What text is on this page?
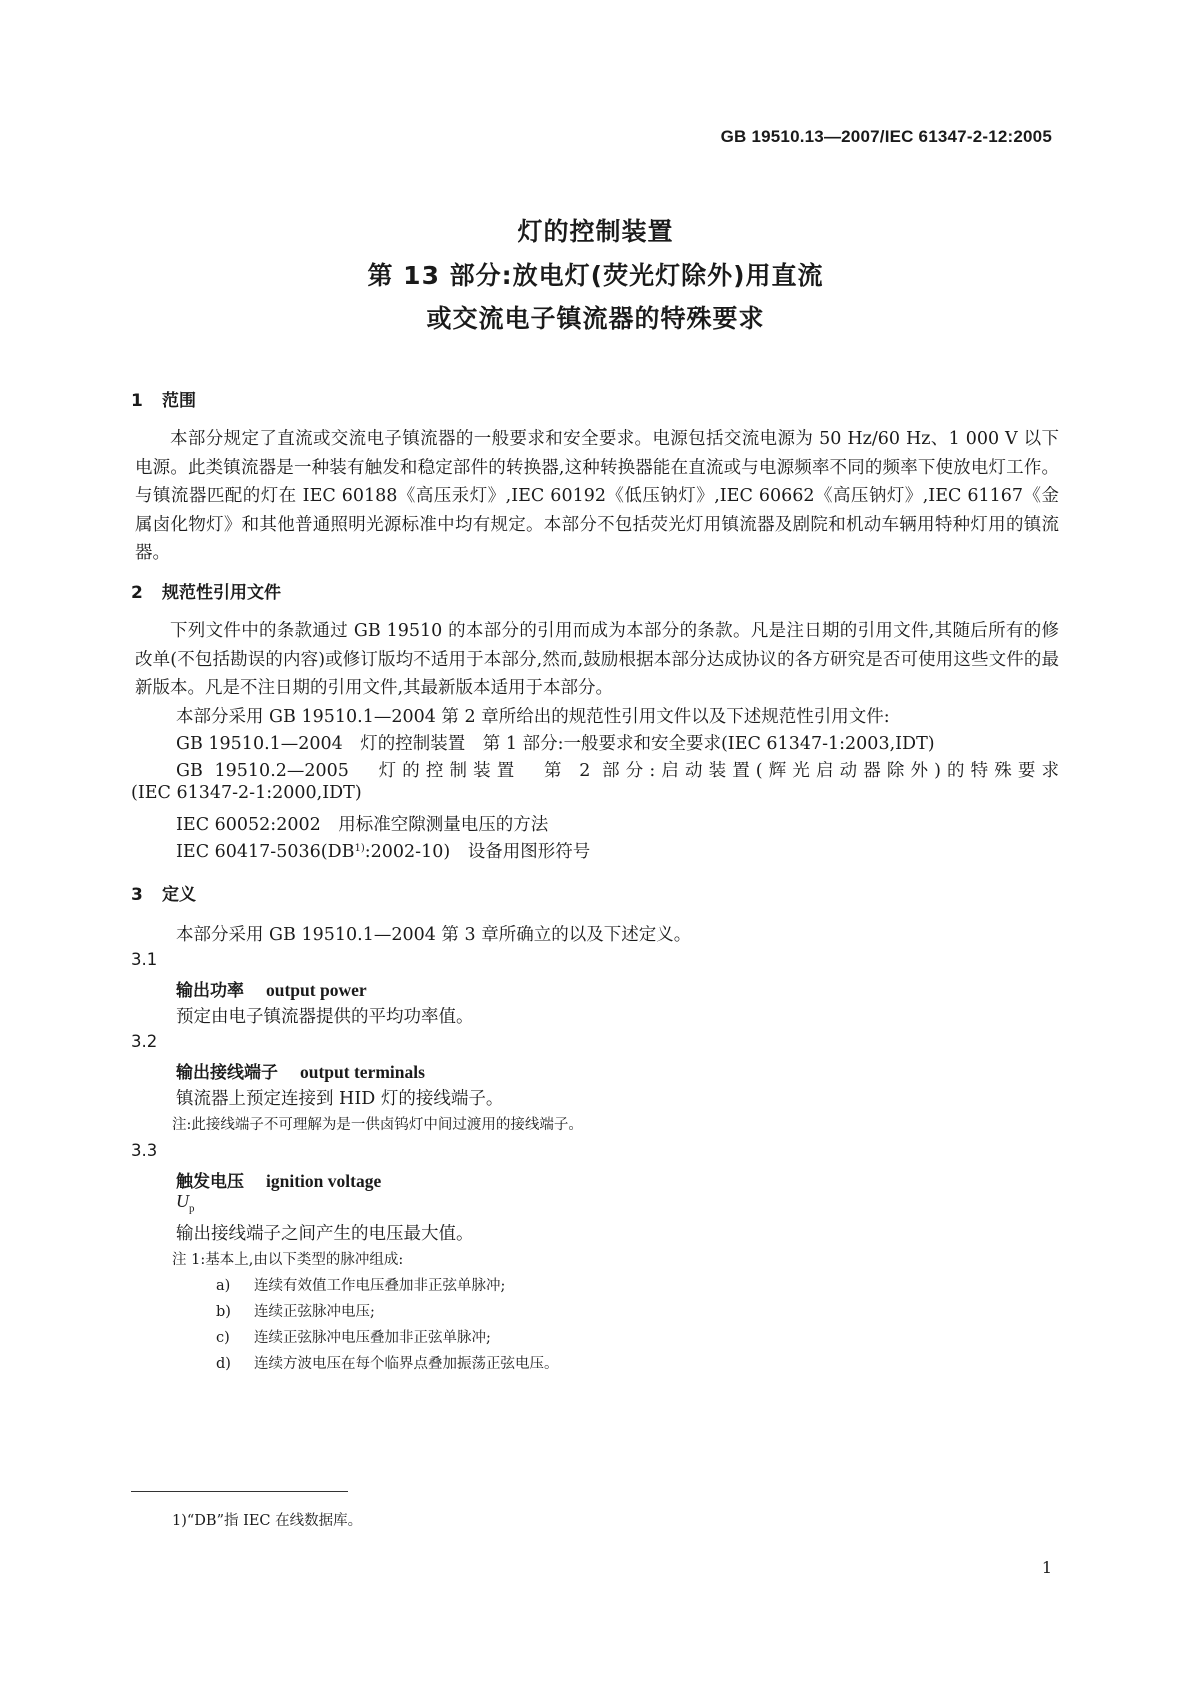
GB 19510.13—2007/IEC 61347-2-12:2005
灯的控制装置
第 13 部分:放电灯(荧光灯除外)用直流
或交流电子镇流器的特殊要求
1 范围

本部分规定了直流或交流电子镇流器的一般要求和安全要求。电源包括交流电源为 50 Hz/60 Hz、1 000 V 以下电源。此类镇流器是一种装有触发和稳定部件的转换器,这种转换器能在直流或与电源频率不同的频率下使放电灯工作。与镇流器匹配的灯在 IEC 60188《高压汞灯》,IEC 60192《低压钠灯》,IEC 60662《高压钠灯》,IEC 61167《金属卤化物灯》和其他普通照明光源标准中均有规定。本部分不包括荧光灯用镇流器及剧院和机动车辆用特种灯用的镇流器。

2 规范性引用文件

下列文件中的条款通过 GB 19510 的本部分的引用而成为本部分的条款。凡是注日期的引用文件,其随后所有的修改单(不包括勘误的内容)或修订版均不适用于本部分,然而,鼓励根据本部分达成协议的各方研究是否可使用这些文件的最新版本。凡是不注日期的引用文件,其最新版本适用于本部分。

本部分采用 GB 19510.1—2004 第 2 章所给出的规范性引用文件以及下述规范性引用文件:
GB 19510.1—2004　灯的控制装置　第 1 部分:一般要求和安全要求(IEC 61347-1:2003,IDT)
GB 19510.2—2005　灯的控制装置　第 2 部分:启动装置(辉光启动器除外)的特殊要求
(IEC 61347-2-1:2000,IDT)
IEC 60052:2002　用标准空隙测量电压的方法
IEC 60417-5036(DB$^{1)}$:2002-10)　设备用图形符号
3 定义
本部分采用 GB 19510.1—2004 第 3 章所确立的以及下述定义。
3.1
输出功率 output power
预定由电子镇流器提供的平均功率值。
3.2
输出接线端子 output terminals
镇流器上预定连接到 HID 灯的接线端子。
注:此接线端子不可理解为是一供卤钨灯中间过渡用的接线端子。
3.3
触发电压 ignition voltage
$U_p$
输出接线端子之间产生的电压最大值。
注 1:基本上,由以下类型的脉冲组成:
a) 连续有效值工作电压叠加非正弦单脉冲;
b) 连续正弦脉冲电压;
c) 连续正弦脉冲电压叠加非正弦单脉冲;
d) 连续方波电压在每个临界点叠加振荡正弦电压。
1)“DB”指 IEC 在线数据库。
1
